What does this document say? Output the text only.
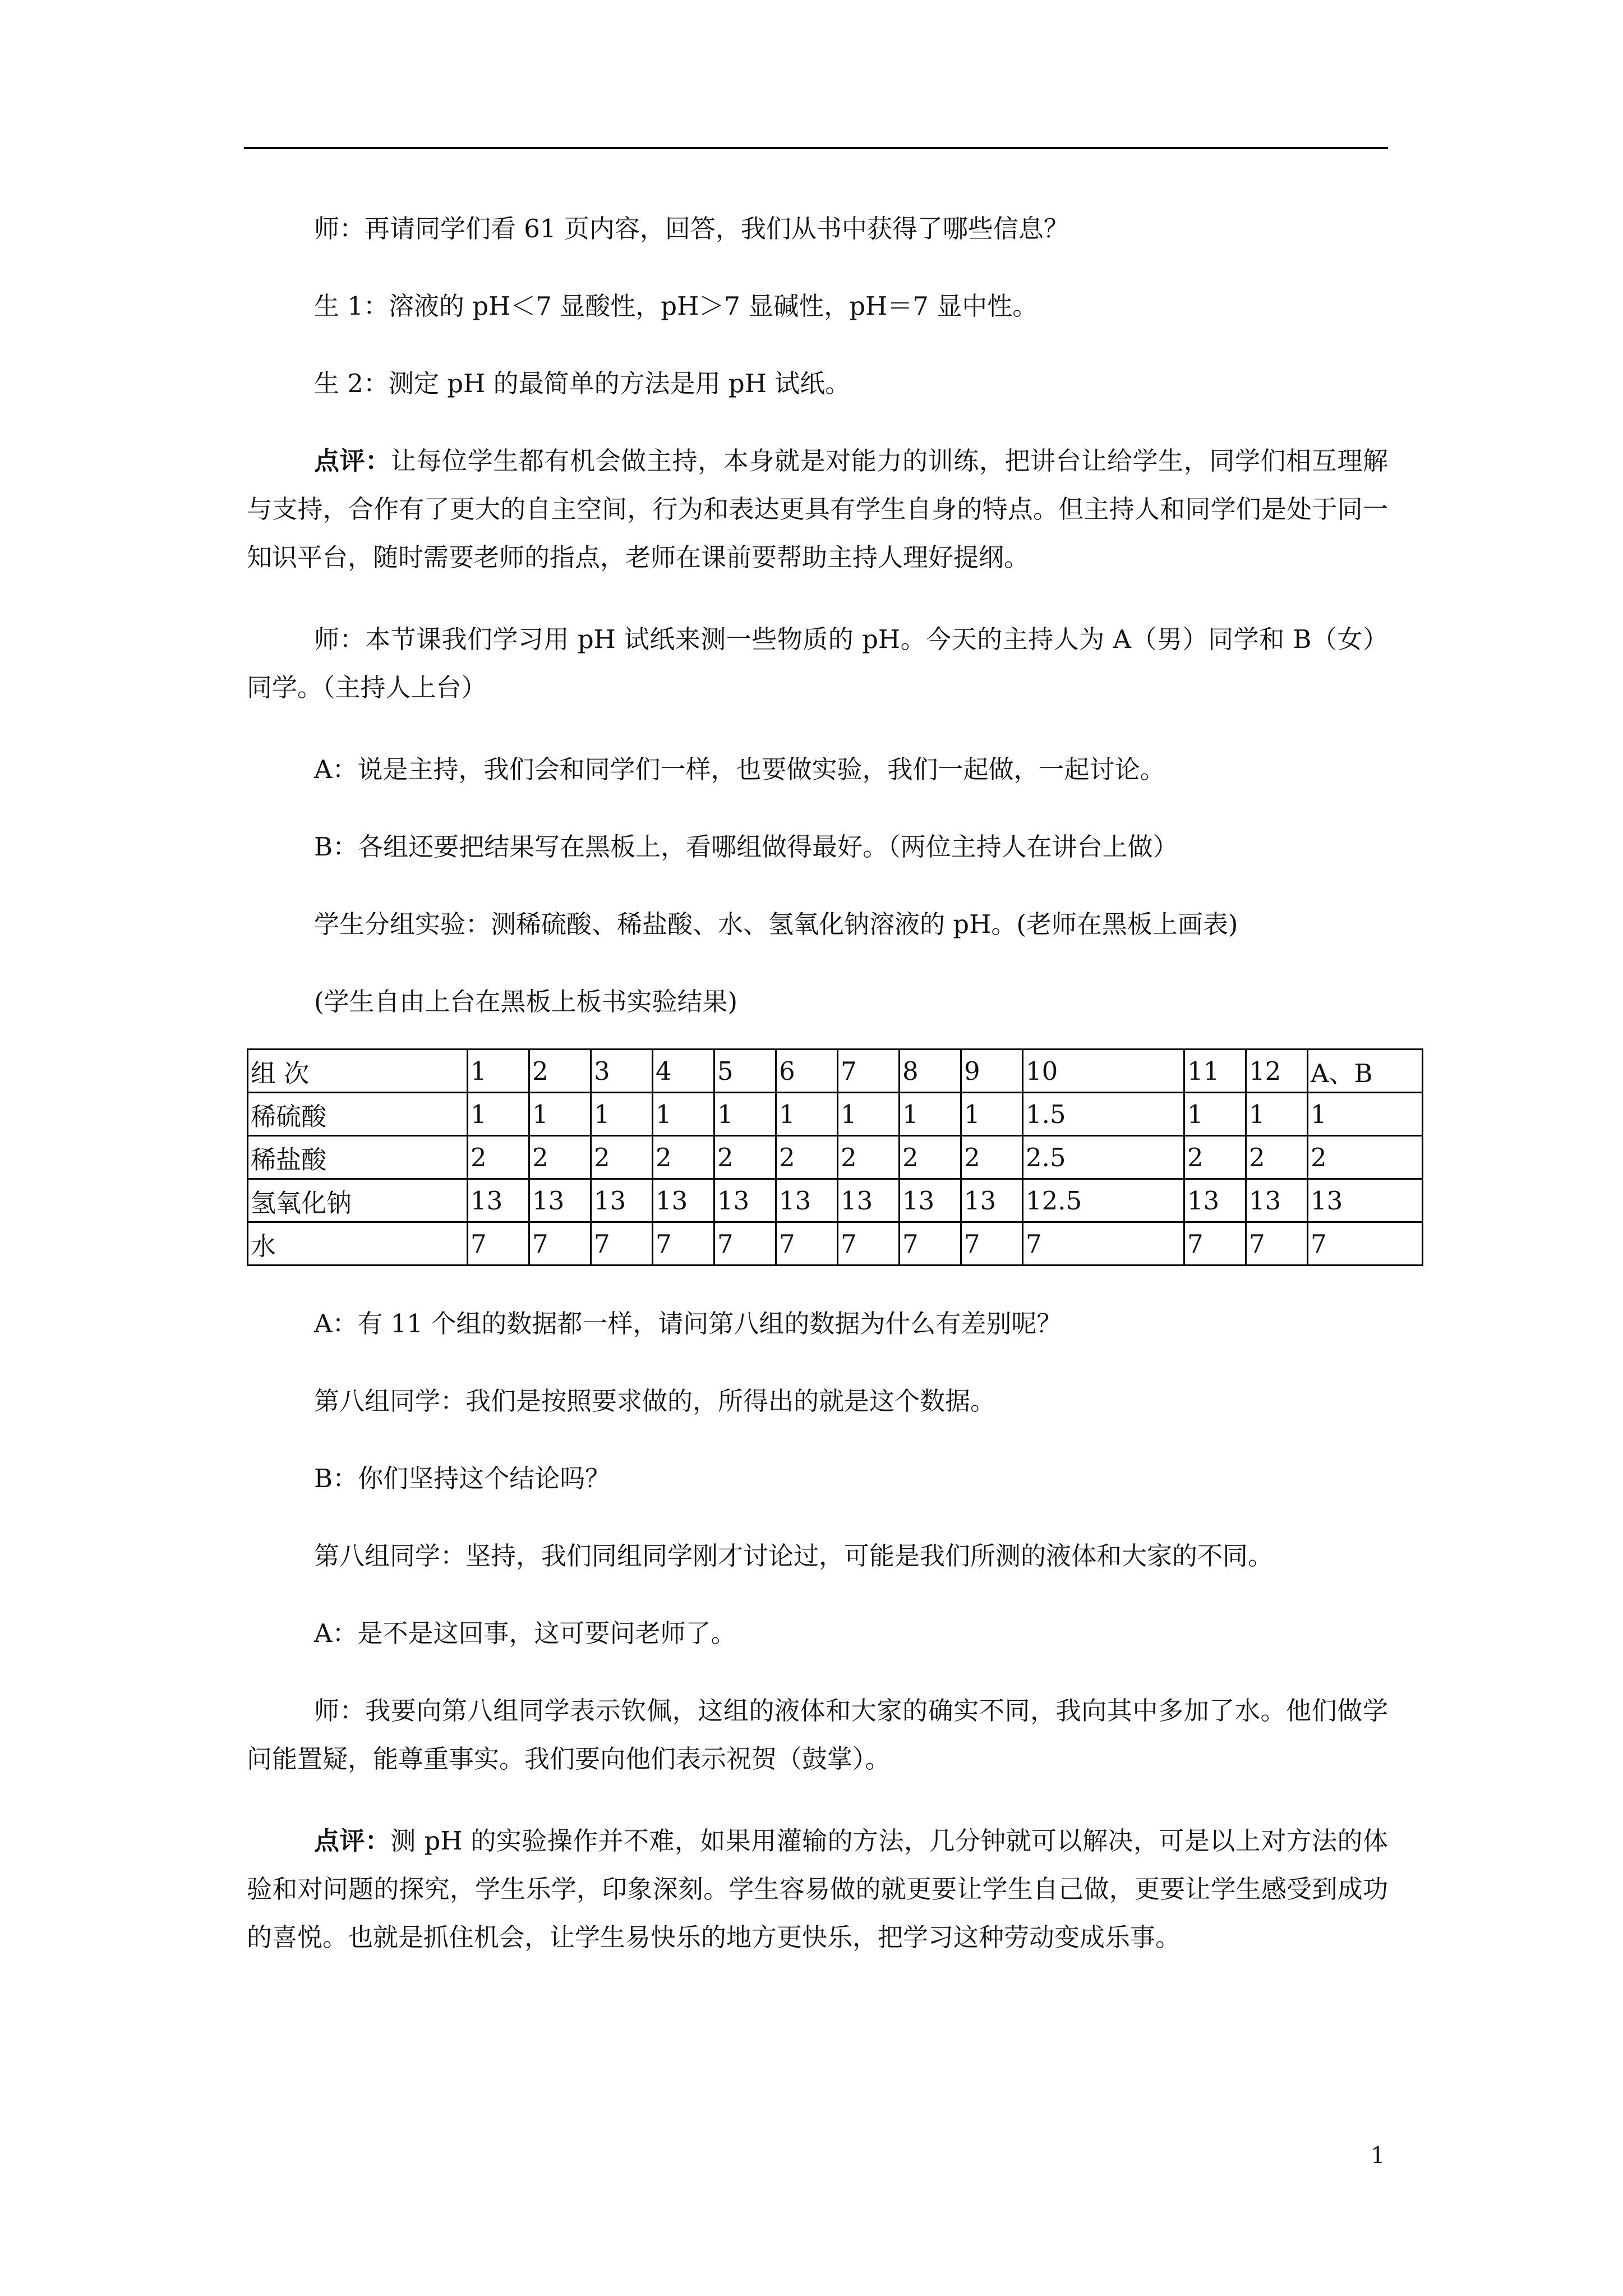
师：再请同学们看 61 页内容，回答，我们从书中获得了哪些信息？

生 1：溶液的 pH＜7 显酸性，pH＞7 显碱性，pH＝7 显中性。

生 2：测定 pH 的最简单的方法是用 pH 试纸。

点评：让每位学生都有机会做主持，本身就是对能力的训练，把讲台让给学生，同学们相互理解与支持，合作有了更大的自主空间，行为和表达更具有学生自身的特点。但主持人和同学们是处于同一知识平台，随时需要老师的指点，老师在课前要帮助主持人理好提纲。

师：本节课我们学习用 pH 试纸来测一些物质的 pH。今天的主持人为 A（男）同学和 B（女）同学。（主持人上台）

A：说是主持，我们会和同学们一样，也要做实验，我们一起做，一起讨论。

B：各组还要把结果写在黑板上，看哪组做得最好。（两位主持人在讲台上做）

学生分组实验：测稀硫酸、稀盐酸、水、氢氧化钠溶液的 pH。(老师在黑板上画表)

(学生自由上台在黑板上板书实验结果)

组 次	1	2	3	4	5	6	7	8	9	10	11	12	A、B
稀硫酸	1	1	1	1	1	1	1	1	1	1.5	1	1	1
稀盐酸	2	2	2	2	2	2	2	2	2	2.5	2	2	2
氢氧化钠	13	13	13	13	13	13	13	13	13	12.5	13	13	13
水	7	7	7	7	7	7	7	7	7	7	7	7	7

A：有 11 个组的数据都一样，请问第八组的数据为什么有差别呢？

第八组同学：我们是按照要求做的，所得出的就是这个数据。

B：你们坚持这个结论吗？

第八组同学：坚持，我们同组同学刚才讨论过，可能是我们所测的液体和大家的不同。

A：是不是这回事，这可要问老师了。

师：我要向第八组同学表示钦佩，这组的液体和大家的确实不同，我向其中多加了水。他们做学问能置疑，能尊重事实。我们要向他们表示祝贺（鼓掌）。

点评：测 pH 的实验操作并不难，如果用灌输的方法，几分钟就可以解决，可是以上对方法的体验和对问题的探究，学生乐学，印象深刻。学生容易做的就更要让学生自己做，更要让学生感受到成功的喜悦。也就是抓住机会，让学生易快乐的地方更快乐，把学习这种劳动变成乐事。

1
